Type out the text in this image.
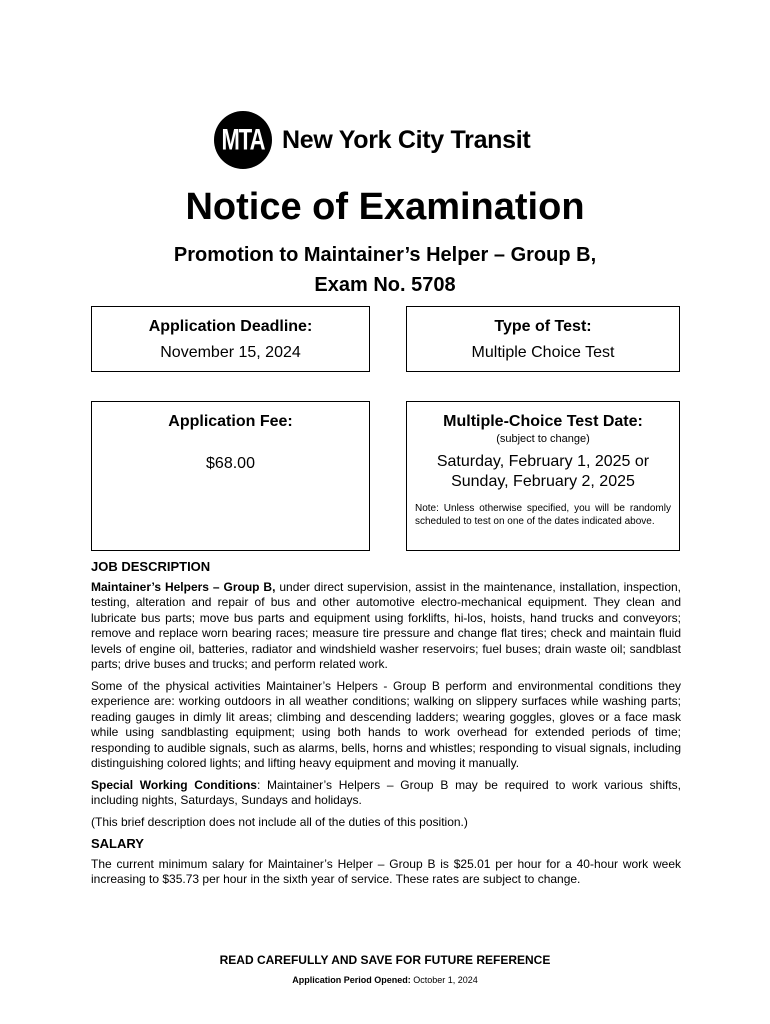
MTA New York City Transit
Notice of Examination
Promotion to Maintainer’s Helper – Group B,
Exam No. 5708
Application Deadline:
November 15, 2024
Type of Test:
Multiple Choice Test
Application Fee:
$68.00
Multiple-Choice Test Date:
(subject to change)
Saturday, February 1, 2025 or
Sunday, February 2, 2025
Note: Unless otherwise specified, you will be randomly scheduled to test on one of the dates indicated above.
JOB DESCRIPTION

Maintainer’s Helpers – Group B, under direct supervision, assist in the maintenance, installation, inspection, testing, alteration and repair of bus and other automotive electro-mechanical equipment. They clean and lubricate bus parts; move bus parts and equipment using forklifts, hi-los, hoists, hand trucks and conveyors; remove and replace worn bearing races; measure tire pressure and change flat tires; check and maintain fluid levels of engine oil, batteries, radiator and windshield washer reservoirs; fuel buses; drain waste oil; sandblast parts; drive buses and trucks; and perform related work.

Some of the physical activities Maintainer’s Helpers - Group B perform and environmental conditions they experience are: working outdoors in all weather conditions; walking on slippery surfaces while washing parts; reading gauges in dimly lit areas; climbing and descending ladders; wearing goggles, gloves or a face mask while using sandblasting equipment; using both hands to work overhead for extended periods of time; responding to audible signals, such as alarms, bells, horns and whistles; responding to visual signals, including distinguishing colored lights; and lifting heavy equipment and moving it manually.

Special Working Conditions: Maintainer’s Helpers – Group B may be required to work various shifts, including nights, Saturdays, Sundays and holidays.

(This brief description does not include all of the duties of this position.)

SALARY

The current minimum salary for Maintainer’s Helper – Group B is $25.01 per hour for a 40-hour work week increasing to $35.73 per hour in the sixth year of service. These rates are subject to change.

READ CAREFULLY AND SAVE FOR FUTURE REFERENCE
Application Period Opened: October 1, 2024
